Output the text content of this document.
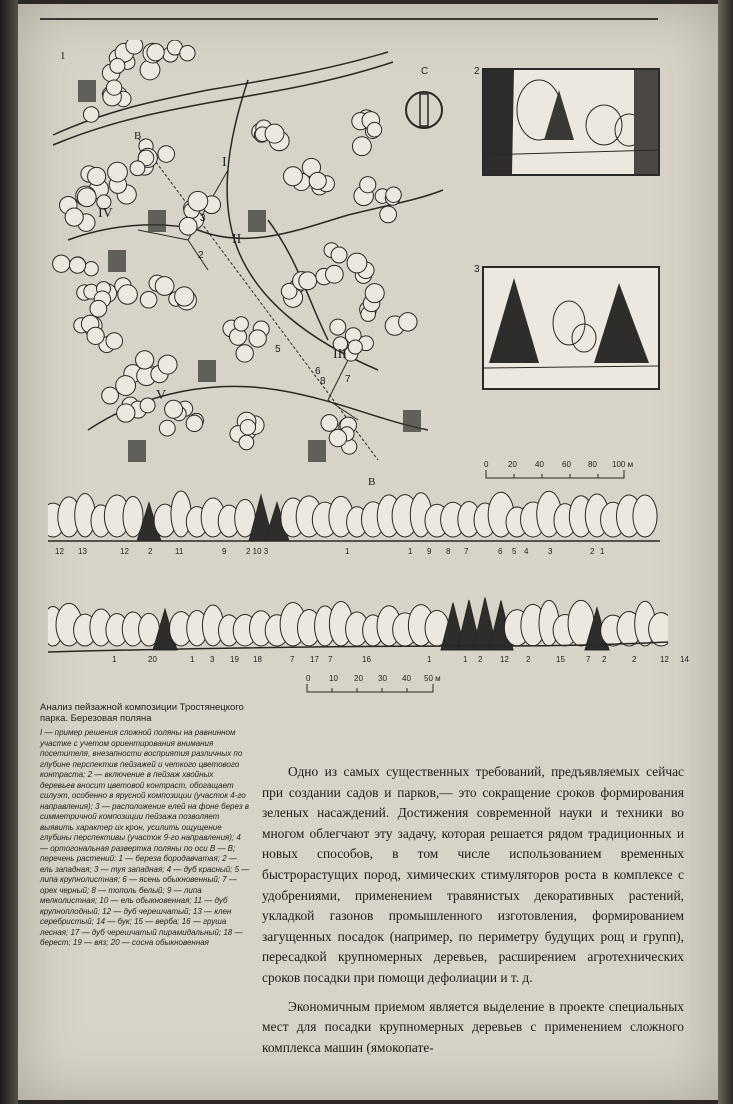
1
I
II
III
IV
V
В
В
2
3
5
6
7
8
С	2
3
0 20 40 60 80 100 м
12 13	12 2	11	9 2 10 3	1	1 9 8 7	6 5 4 3	2 1
1	20	1 3 19 18	7 17 7	16	1	1 2 12 2	15	7 2	2	12 14
0 10 20 30 40 50 м

Анализ пейзажной композиции Тростянецкого парка. Березовая поляна

I — пример решения сложной поляны на равнинном участке с учетом ориентирования внимания посетителя, внезапности восприятия различных по глубине перспектив пейзажей и четкого цветового контраста; 2 — включение в пейзаж хвойных деревьев вносит цветовой контраст, обогащает силуэт, особенно в ярусной композиции (участок 4-го направления); 3 — расположение елей на фоне берез в симметричной композиции пейзажа позволяет выявить характер их крон, усилить ощущение глубины перспективы (участок 9-го направления); 4 — ортогональная развертка поляны по оси В — В; перечень растений: 1 — береза бородавчатая; 2 — ель западная; 3 — туя западная; 4 — дуб красный; 5 — липа крупнолистная; 6 — ясень обыкновенный; 7 — орех черный; 8 — тополь белый; 9 — липа мелколистная; 10 — ель обыкновенная; 11 — дуб крупноплодный; 12 — дуб черешчатый; 13 — клен серебристый; 14 — бук; 15 — верба; 16 — груша лесная; 17 — дуб черешчатый пирамидальный; 18 — берест; 19 — вяз; 20 — сосна обыкновенная

Одно из самых существенных требований, предъявляемых сейчас при создании садов и парков,— это сокращение сроков формирования зеленых насаждений. Достижения современной науки и техники во многом облегчают эту задачу, которая решается рядом традиционных и новых способов, в том числе использованием временных быстрорастущих пород, химических стимуляторов роста в комплексе с удобрениями, применением травянистых декоративных растений, укладкой газонов промышленного изготовления, формированием загущенных посадок (например, по периметру будущих рощ и групп), пересадкой крупномерных деревьев, расширением агротехнических сроков посадки при помощи дефолиации и т. д.

Экономичным приемом является выделение в проекте специальных мест для посадки крупномерных деревьев с применением сложного комплекса машин (ямокопате-
